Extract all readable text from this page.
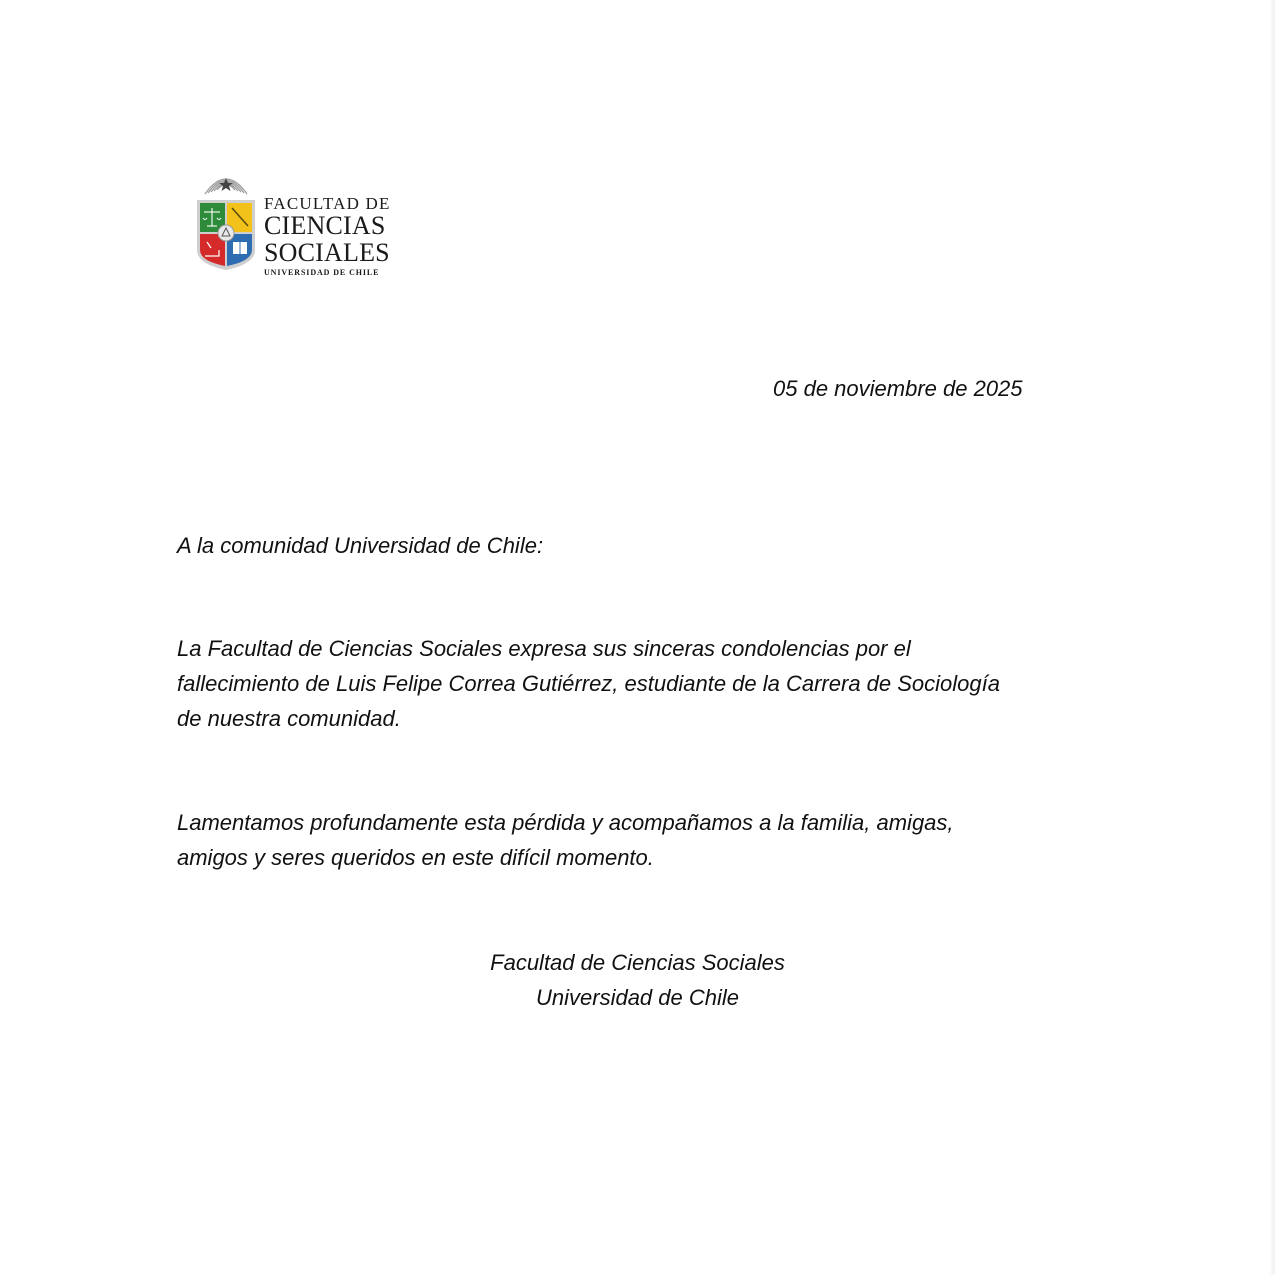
FACULTAD DE
CIENCIAS
SOCIALES
UNIVERSIDAD DE CHILE
05 de noviembre de 2025
A la comunidad Universidad de Chile:
La Facultad de Ciencias Sociales expresa sus sinceras condolencias por el
fallecimiento de Luis Felipe Correa Gutiérrez, estudiante de la Carrera de Sociología
de nuestra comunidad.
Lamentamos profundamente esta pérdida y acompañamos a la familia, amigas,
amigos y seres queridos en este difícil momento.
Facultad de Ciencias Sociales
Universidad de Chile
